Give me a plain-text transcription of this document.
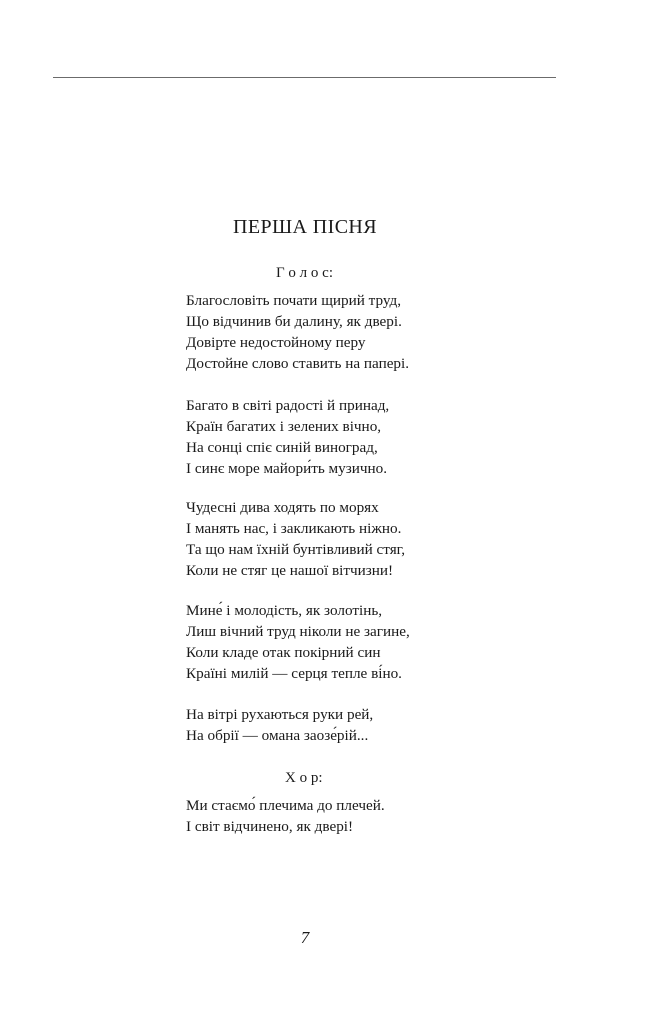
ПЕРША ПІСНЯ
Г о л о с:
Благословіть почати щирий труд,
Що відчинив би далину, як двері.
Довірте недостойному перу
Достойне слово ставить на папері.
Багато в світі радості й принад,
Країн багатих і зелених вічно,
На сонці спіє синій виноград,
І синє море майори́ть музично.
Чудесні дива ходять по морях
І манять нас, і закликають ніжно.
Та що нам їхній бунтівливий стяг,
Коли не стяг це нашої вітчизни!
Мине́ і молодість, як золотінь,
Лиш вічний труд ніколи не загине,
Коли кладе отак покірний син
Країні милій — серця тепле ві́но.
На вітрі рухаються руки рей,
На обрії — омана заозе́рій...
Х о р:
Ми стаємо́ плечима до плечей.
І світ відчинено, як двері!
7
